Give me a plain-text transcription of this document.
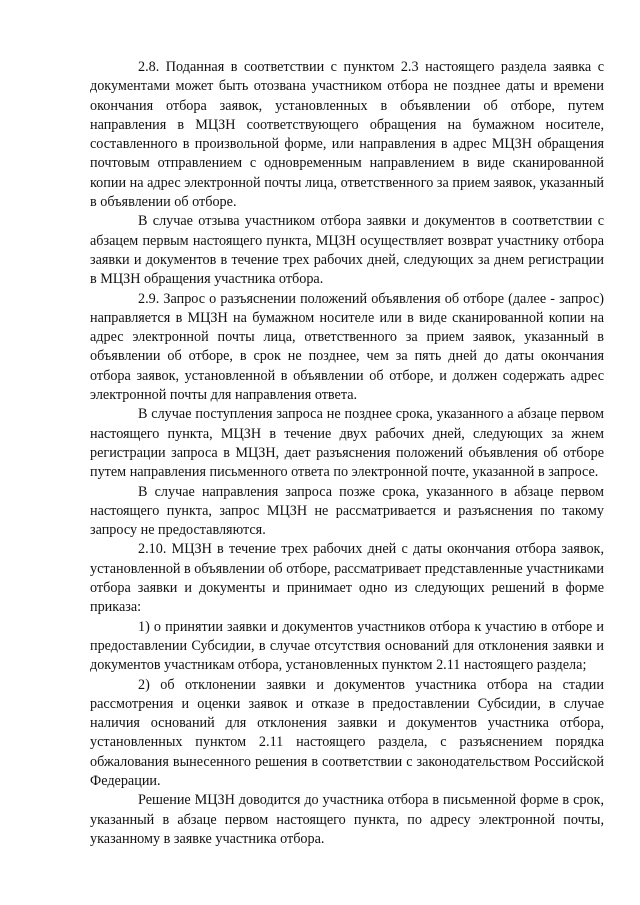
2.8. Поданная в соответствии с пунктом 2.3 настоящего раздела заявка с документами может быть отозвана участником отбора не позднее даты и времени окончания отбора заявок, установленных в объявлении об отборе, путем направления в МЦЗН соответствующего обращения на бумажном носителе, составленного в произвольной форме, или направления в адрес МЦЗН обращения почтовым отправлением с одновременным направлением в виде сканированной копии на адрес электронной почты лица, ответственного за прием заявок, указанный в объявлении об отборе.

В случае отзыва участником отбора заявки и документов в соответствии с абзацем первым настоящего пункта, МЦЗН осуществляет возврат участнику отбора заявки и документов в течение трех рабочих дней, следующих за днем регистрации в МЦЗН обращения участника отбора.

2.9. Запрос о разъяснении положений объявления об отборе (далее - запрос) направляется в МЦЗН на бумажном носителе или в виде сканированной копии на адрес электронной почты лица, ответственного за прием заявок, указанный в объявлении об отборе, в срок не позднее, чем за пять дней до даты окончания отбора заявок, установленной в объявлении об отборе, и должен содержать адрес электронной почты для направления ответа.

В случае поступления запроса не позднее срока, указанного а абзаце первом настоящего пункта, МЦЗН в течение двух рабочих дней, следующих за жнем регистрации запроса в МЦЗН, дает разъяснения положений объявления об отборе путем направления письменного ответа по электронной почте, указанной в запросе.

В случае направления запроса позже срока, указанного в абзаце первом настоящего пункта, запрос МЦЗН не рассматривается и разъяснения по такому запросу не предоставляются.

2.10. МЦЗН в течение трех рабочих дней с даты окончания отбора заявок, установленной в объявлении об отборе, рассматривает представленные участниками отбора заявки и документы и принимает одно из следующих решений в форме приказа:

1) о принятии заявки и документов участников отбора к участию в отборе и предоставлении Субсидии, в случае отсутствия оснований для отклонения заявки и документов участникам отбора, установленных пунктом 2.11 настоящего раздела;

2) об отклонении заявки и документов участника отбора на стадии рассмотрения и оценки заявок и отказе в предоставлении Субсидии, в случае наличия оснований для отклонения заявки и документов участника отбора, установленных пунктом 2.11 настоящего раздела, с разъяснением порядка обжалования вынесенного решения в соответствии с законодательством Российской Федерации.

Решение МЦЗН доводится до участника отбора в письменной форме в срок, указанный в абзаце первом настоящего пункта, по адресу электронной почты, указанному в заявке участника отбора.
